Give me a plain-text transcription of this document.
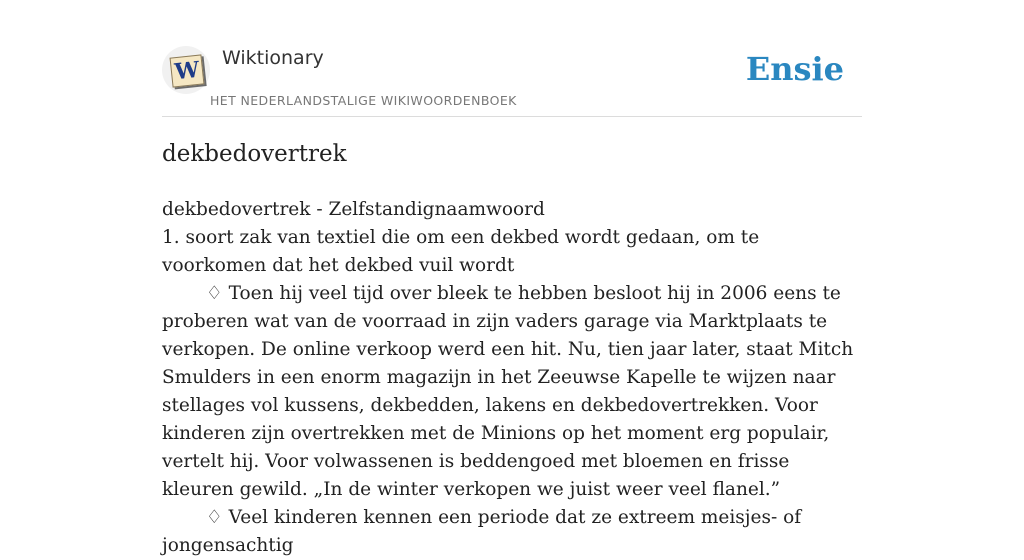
W Wiktionary
HET NEDERLANDSTALIGE WIKIWOORDENBOEK
Ensie
dekbedovertrek

dekbedovertrek - Zelfstandignaamwoord

1. soort zak van textiel die om een dekbed wordt gedaan, om te voorkomen dat het dekbed vuil wordt

♢ Toen hij veel tijd over bleek te hebben besloot hij in 2006 eens te proberen wat van de voorraad in zijn vaders garage via Marktplaats te verkopen. De online verkoop werd een hit. Nu, tien jaar later, staat Mitch Smulders in een enorm magazijn in het Zeeuwse Kapelle te wijzen naar stellages vol kussens, dekbedden, lakens en dekbedovertrekken. Voor kinderen zijn overtrekken met de Minions op het moment erg populair, vertelt hij. Voor volwassenen is beddengoed met bloemen en frisse kleuren gewild. „In de winter verkopen we juist weer veel flanel.”

♢ Veel kinderen kennen een periode dat ze extreem meisjes- of jongensachtig
